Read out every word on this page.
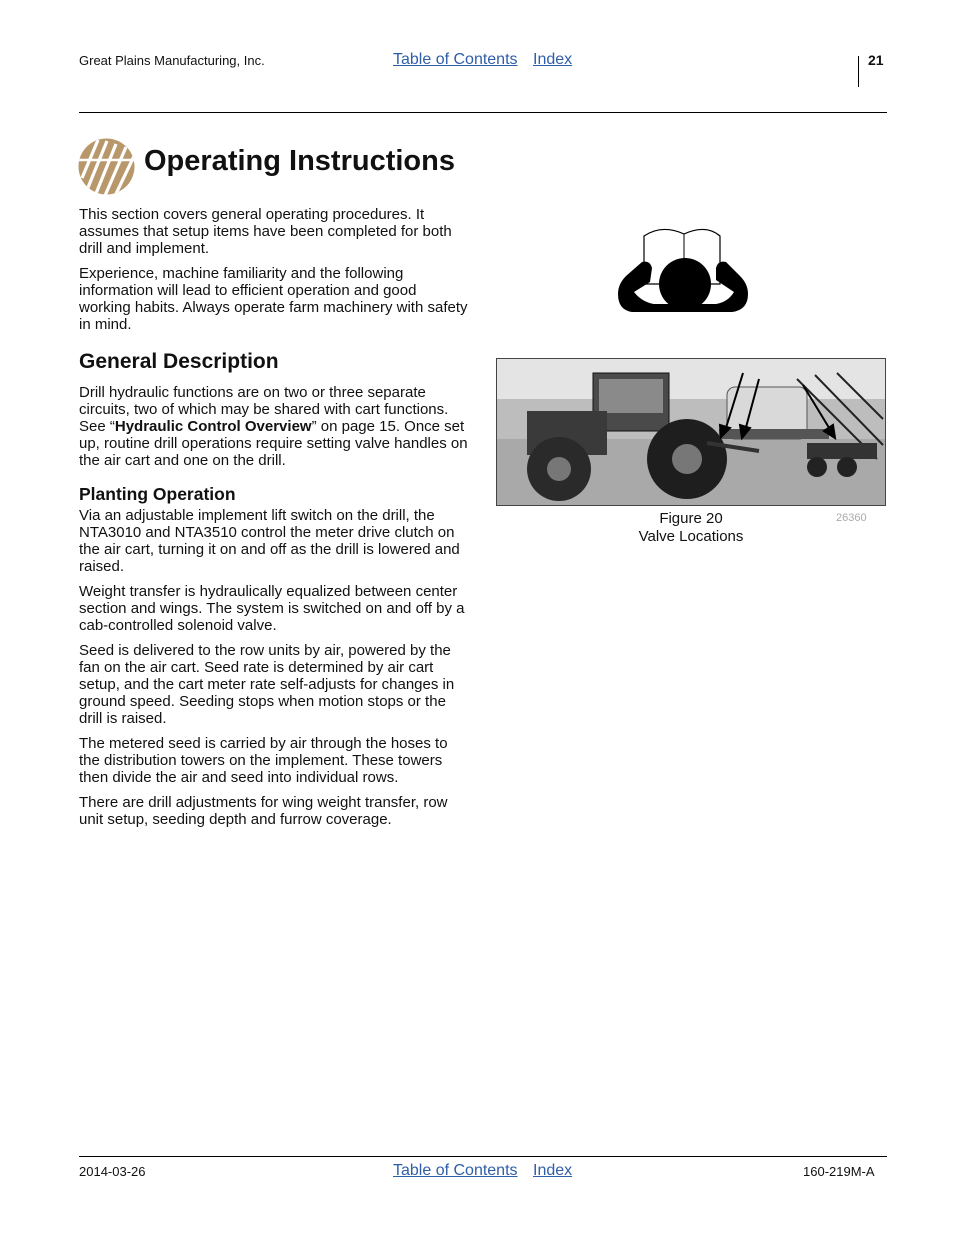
Great Plains Manufacturing, Inc.	Table of Contents Index	21
Operating Instructions

This section covers general operating procedures. It assumes that setup items have been completed for both drill and implement.

Experience, machine familiarity and the following information will lead to efficient operation and good working habits. Always operate farm machinery with safety in mind.

General Description

Drill hydraulic functions are on two or three separate circuits, two of which may be shared with cart functions. See “Hydraulic Control Overview” on page 15. Once set up, routine drill operations require setting valve handles on the air cart and one on the drill.

Planting Operation

Via an adjustable implement lift switch on the drill, the NTA3010 and NTA3510 control the meter drive clutch on the air cart, turning it on and off as the drill is lowered and raised.

Weight transfer is hydraulically equalized between center section and wings. The system is switched on and off by a cab-controlled solenoid valve.

Seed is delivered to the row units by air, powered by the fan on the air cart. Seed rate is determined by air cart setup, and the cart meter rate self-adjusts for changes in ground speed. Seeding stops when motion stops or the drill is raised.

The metered seed is carried by air through the hoses to the distribution towers on the implement. These towers then divide the air and seed into individual rows.

There are drill adjustments for wing weight transfer, row unit setup, seeding depth and furrow coverage.

Figure 20
Valve Locations
26360
2014-03-26	Table of Contents Index	160-219M-A
